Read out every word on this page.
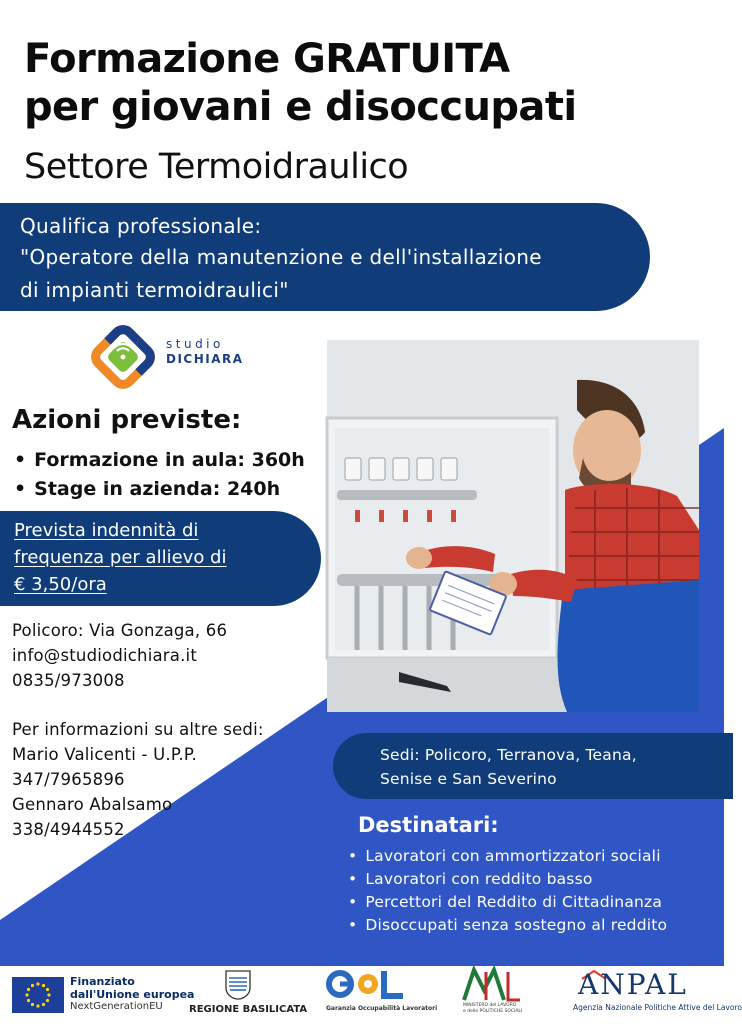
Formazione GRATUITA
per giovani e disoccupati
Settore Termoidraulico
Qualifica professionale:
"Operatore della manutenzione e dell'installazione
di impianti termoidraulici"
studio
DICHIARA
Azioni previste:
• Formazione in aula: 360h
• Stage in azienda: 240h
Prevista indennità di
frequenza per allievo di
€ 3,50/ora
Policoro: Via Gonzaga, 66
info@studiodichiara.it
0835/973008
Per informazioni su altre sedi:
Mario Valicenti - U.P.P.
347/7965896
Gennaro Abalsamo
338/4944552
Sedi: Policoro, Terranova, Teana,
Senise e San Severino
Destinatari:
• Lavoratori con ammortizzatori sociali
• Lavoratori con reddito basso
• Percettori del Reddito di Cittadinanza
• Disoccupati senza sostegno al reddito
Finanziato
dall'Unione europea
NextGenerationEU	REGIONE BASILICATA	Garanzia Occupabilità Lavoratori	MINISTERO del LAVORO
e delle POLITICHE SOCIALI
ANPAL
Agenzia Nazionale Politiche Attive del Lavoro
